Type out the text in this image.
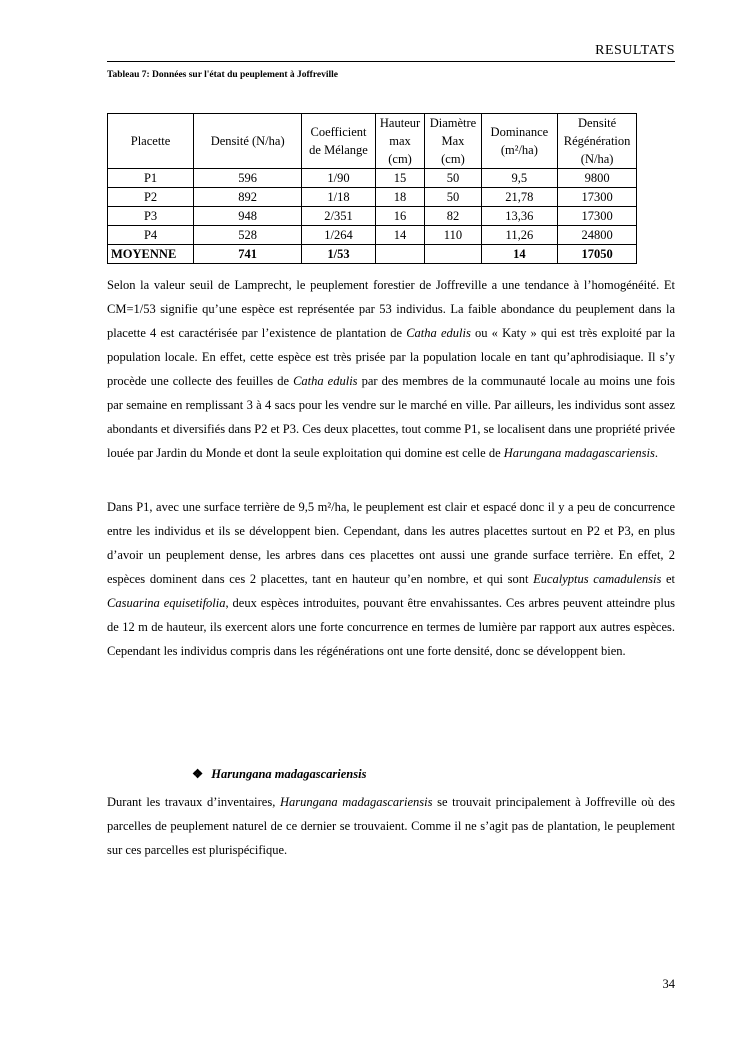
RESULTATS
Tableau 7: Données sur l'état du peuplement à Joffreville
Placette	Densité (N/ha)	Coefficient de Mélange	Hauteur max (cm)	Diamètre Max (cm)	Dominance (m²/ha)	Densité Régénération (N/ha)
P1	596	1/90	15	50	9,5	9800
P2	892	1/18	18	50	21,78	17300
P3	948	2/351	16	82	13,36	17300
P4	528	1/264	14	110	11,26	24800
MOYENNE	741	1/53			14	17050

Selon la valeur seuil de Lamprecht, le peuplement forestier de Joffreville a une tendance à l’homogénéité. Et CM=1/53 signifie qu’une espèce est représentée par 53 individus. La faible abondance du peuplement dans la placette 4 est caractérisée par l’existence de plantation de Catha edulis ou « Katy » qui est très exploité par la population locale. En effet, cette espèce est très prisée par la population locale en tant qu’aphrodisiaque. Il s’y procède une collecte des feuilles de Catha edulis par des membres de la communauté locale au moins une fois par semaine en remplissant 3 à 4 sacs pour les vendre sur le marché en ville. Par ailleurs, les individus sont assez abondants et diversifiés dans P2 et P3. Ces deux placettes, tout comme P1, se localisent dans une propriété privée louée par Jardin du Monde et dont la seule exploitation qui domine est celle de Harungana madagascariensis.

Dans P1, avec une surface terrière de 9,5 m²/ha, le peuplement est clair et espacé donc il y a peu de concurrence entre les individus et ils se développent bien. Cependant, dans les autres placettes surtout en P2 et P3, en plus d’avoir un peuplement dense, les arbres dans ces placettes ont aussi une grande surface terrière. En effet, 2 espèces dominent dans ces 2 placettes, tant en hauteur qu’en nombre, et qui sont Eucalyptus camadulensis et Casuarina equisetifolia, deux espèces introduites, pouvant être envahissantes. Ces arbres peuvent atteindre plus de 12 m de hauteur, ils exercent alors une forte concurrence en termes de lumière par rapport aux autres espèces. Cependant les individus compris dans les régénérations ont une forte densité, donc se développent bien.

❖ Harungana madagascariensis

Durant les travaux d’inventaires, Harungana madagascariensis se trouvait principalement à Joffreville où des parcelles de peuplement naturel de ce dernier se trouvaient. Comme il ne s’agit pas de plantation, le peuplement sur ces parcelles est plurispécifique.

34
